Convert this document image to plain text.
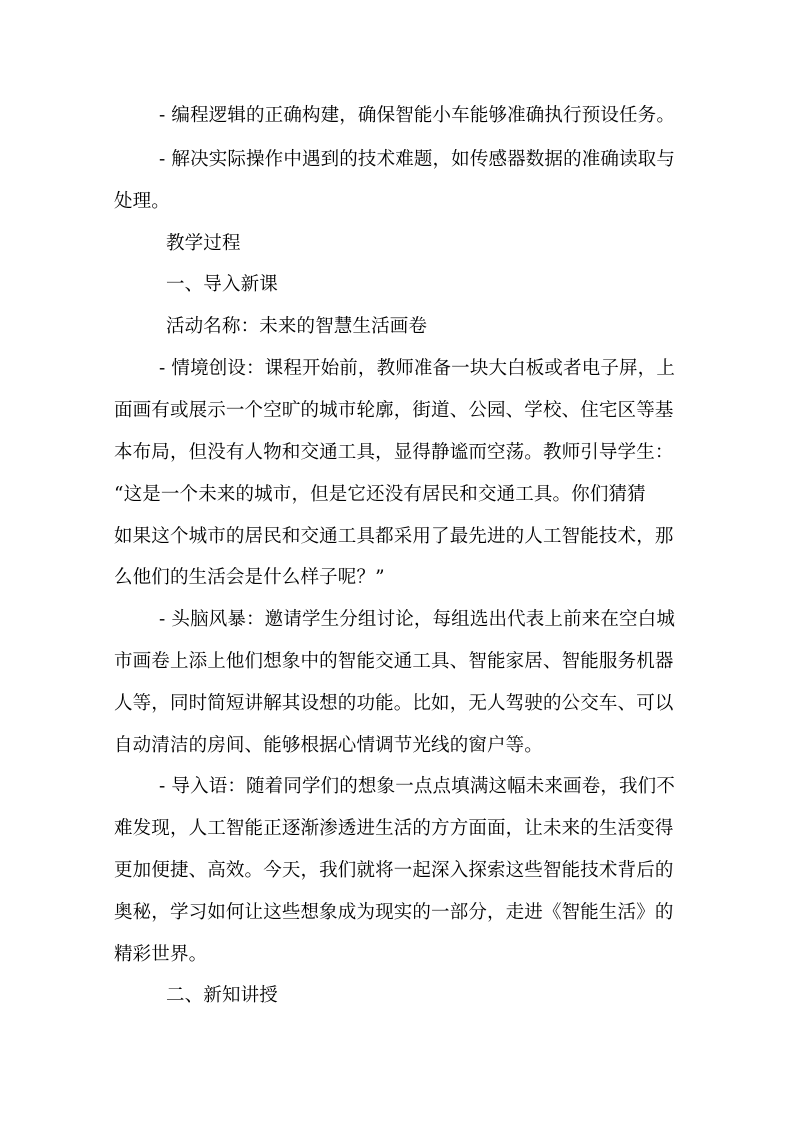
- 编程逻辑的正确构建，确保智能小车能够准确执行预设任务。
- 解决实际操作中遇到的技术难题，如传感器数据的准确读取与
处理。
教学过程
一、导入新课
活动名称：未来的智慧生活画卷
- 情境创设：课程开始前，教师准备一块大白板或者电子屏，上
面画有或展示一个空旷的城市轮廓，街道、公园、学校、住宅区等基
本布局，但没有人物和交通工具，显得静谧而空荡。教师引导学生：
“这是一个未来的城市，但是它还没有居民和交通工具。你们猜猜
如果这个城市的居民和交通工具都采用了最先进的人工智能技术，那
么他们的生活会是什么样子呢？”
- 头脑风暴：邀请学生分组讨论，每组选出代表上前来在空白城
市画卷上添上他们想象中的智能交通工具、智能家居、智能服务机器
人等，同时简短讲解其设想的功能。比如，无人驾驶的公交车、可以
自动清洁的房间、能够根据心情调节光线的窗户等。
- 导入语：随着同学们的想象一点点填满这幅未来画卷，我们不
难发现，人工智能正逐渐渗透进生活的方方面面，让未来的生活变得
更加便捷、高效。今天，我们就将一起深入探索这些智能技术背后的
奥秘，学习如何让这些想象成为现实的一部分，走进《智能生活》的
精彩世界。
二、新知讲授
